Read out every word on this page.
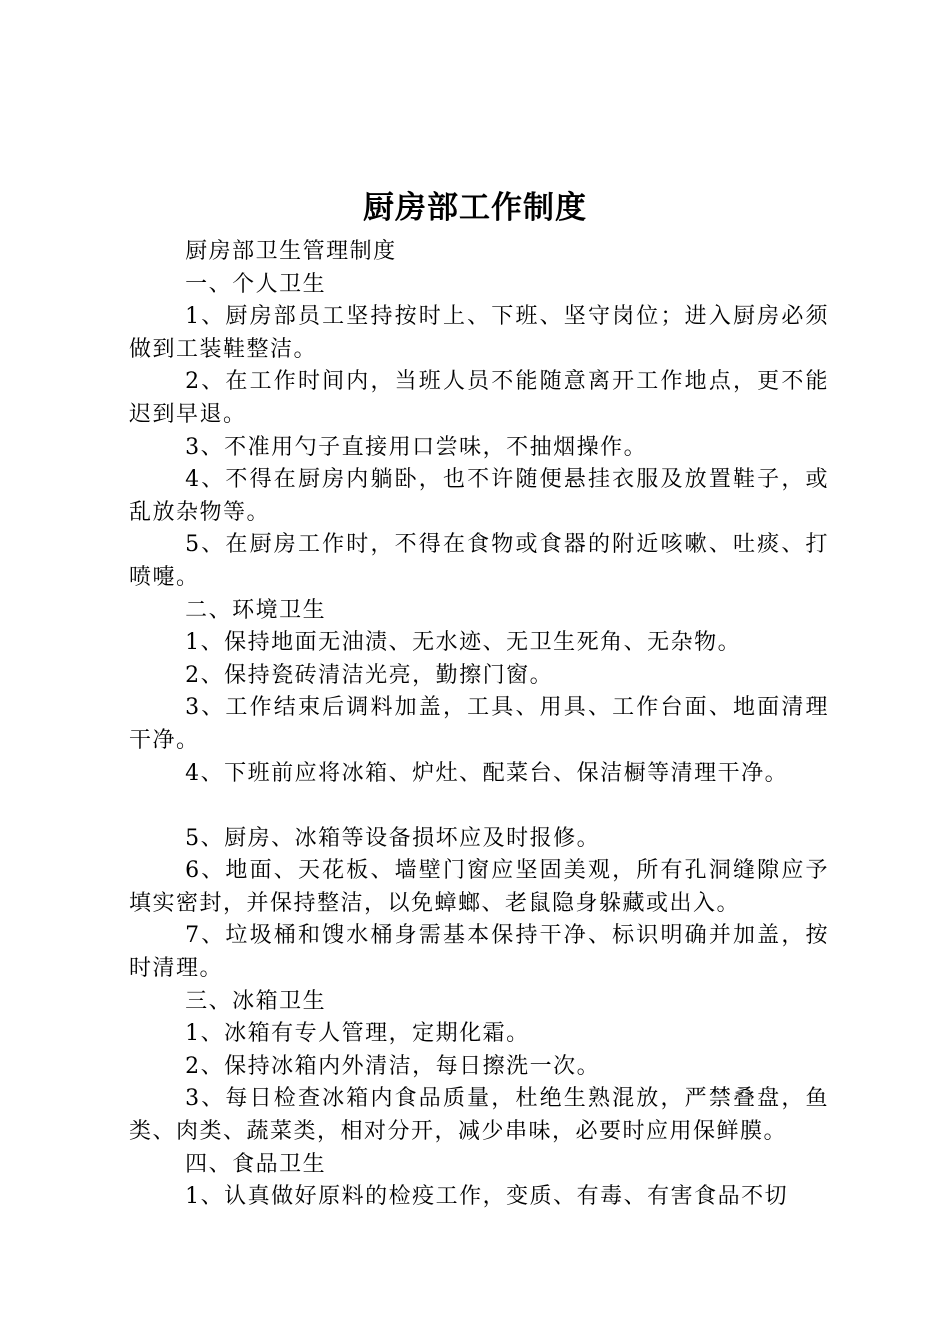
厨房部工作制度

厨房部卫生管理制度

一、个人卫生

1、厨房部员工坚持按时上、下班、坚守岗位；进入厨房必须做到工装鞋整洁。

2、在工作时间内，当班人员不能随意离开工作地点，更不能迟到早退。

3、不准用勺子直接用口尝味，不抽烟操作。

4、不得在厨房内躺卧，也不许随便悬挂衣服及放置鞋子，或乱放杂物等。

5、在厨房工作时，不得在食物或食器的附近咳嗽、吐痰、打喷嚏。

二、环境卫生

1、保持地面无油渍、无水迹、无卫生死角、无杂物。

2、保持瓷砖清洁光亮，勤擦门窗。

3、工作结束后调料加盖，工具、用具、工作台面、地面清理干净。

4、下班前应将冰箱、炉灶、配菜台、保洁橱等清理干净。

5、厨房、冰箱等设备损坏应及时报修。

6、地面、天花板、墙壁门窗应坚固美观，所有孔洞缝隙应予填实密封，并保持整洁，以免蟑螂、老鼠隐身躲藏或出入。

7、垃圾桶和馊水桶身需基本保持干净、标识明确并加盖，按时清理。

三、冰箱卫生

1、冰箱有专人管理，定期化霜。

2、保持冰箱内外清洁，每日擦洗一次。

3、每日检查冰箱内食品质量，杜绝生熟混放，严禁叠盘，鱼类、肉类、蔬菜类，相对分开，减少串味，必要时应用保鲜膜。

四、食品卫生

1、认真做好原料的检疫工作，变质、有毒、有害食品不切
